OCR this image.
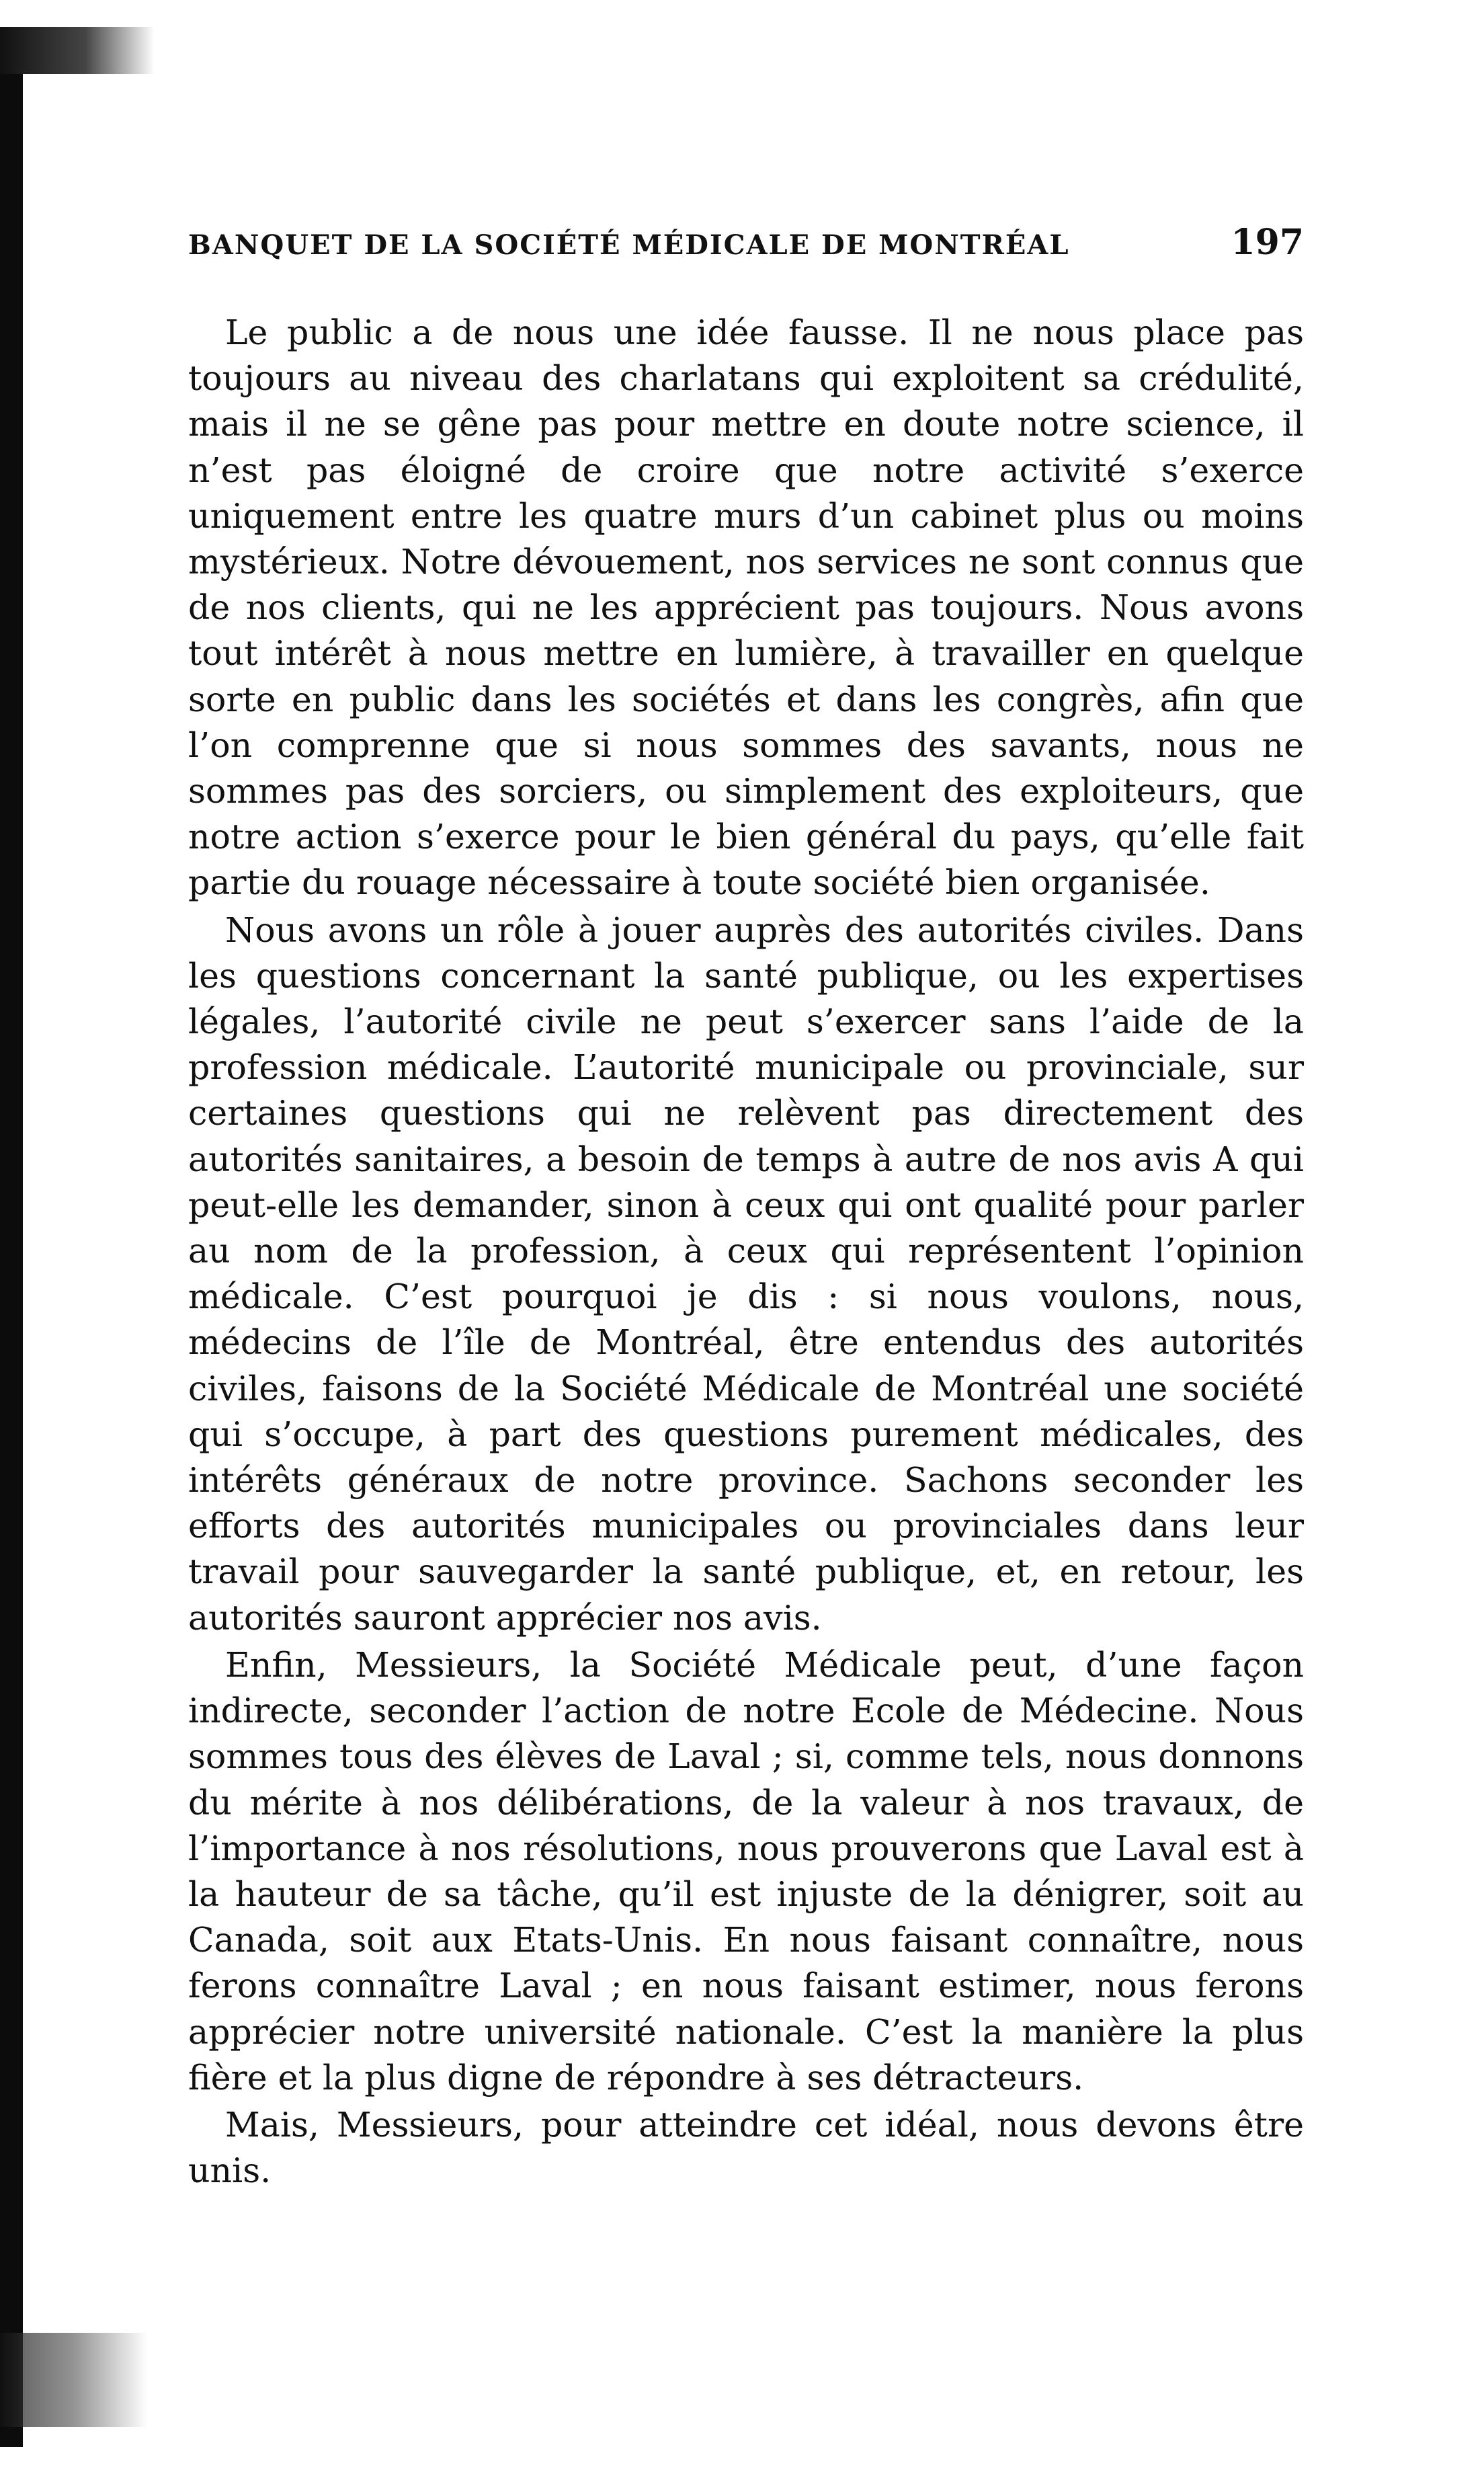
BANQUET DE LA SOCIÉTÉ MÉDICALE DE MONTRÉAL	197

Le public a de nous une idée fausse. Il ne nous place pas toujours au niveau des charlatans qui exploitent sa crédulité, mais il ne se gêne pas pour mettre en doute notre science, il n’est pas éloigné de croire que notre activité s’exerce uniquement entre les quatre murs d’un cabinet plus ou moins mystérieux. Notre dévouement, nos services ne sont connus que de nos clients, qui ne les apprécient pas toujours. Nous avons tout intérêt à nous mettre en lumière, à travailler en quelque sorte en public dans les sociétés et dans les congrès, afin que l’on comprenne que si nous sommes des savants, nous ne sommes pas des sorciers, ou simplement des exploiteurs, que notre action s’exerce pour le bien général du pays, qu’elle fait partie du rouage nécessaire à toute société bien organisée.

Nous avons un rôle à jouer auprès des autorités civiles. Dans les questions concernant la santé publique, ou les expertises légales, l’autorité civile ne peut s’exercer sans l’aide de la profession médicale. L’autorité municipale ou provinciale, sur certaines questions qui ne relèvent pas directement des autorités sanitaires, a besoin de temps à autre de nos avis A qui peut-elle les demander, sinon à ceux qui ont qualité pour parler au nom de la profession, à ceux qui représentent l’opinion médicale. C’est pourquoi je dis : si nous voulons, nous, médecins de l’île de Montréal, être entendus des autorités civiles, faisons de la Société Médicale de Montréal une société qui s’occupe, à part des questions purement médicales, des intérêts généraux de notre province. Sachons seconder les efforts des autorités municipales ou provinciales dans leur travail pour sauvegarder la santé publique, et, en retour, les autorités sauront apprécier nos avis.

Enfin, Messieurs, la Société Médicale peut, d’une façon indirecte, seconder l’action de notre Ecole de Médecine. Nous sommes tous des élèves de Laval ; si, comme tels, nous donnons du mérite à nos délibérations, de la valeur à nos travaux, de l’importance à nos résolutions, nous prouverons que Laval est à la hauteur de sa tâche, qu’il est injuste de la dénigrer, soit au Canada, soit aux Etats-Unis. En nous faisant connaître, nous ferons connaître Laval ; en nous faisant estimer, nous ferons apprécier notre université nationale. C’est la manière la plus fière et la plus digne de répondre à ses détracteurs.

Mais, Messieurs, pour atteindre cet idéal, nous devons être unis.
